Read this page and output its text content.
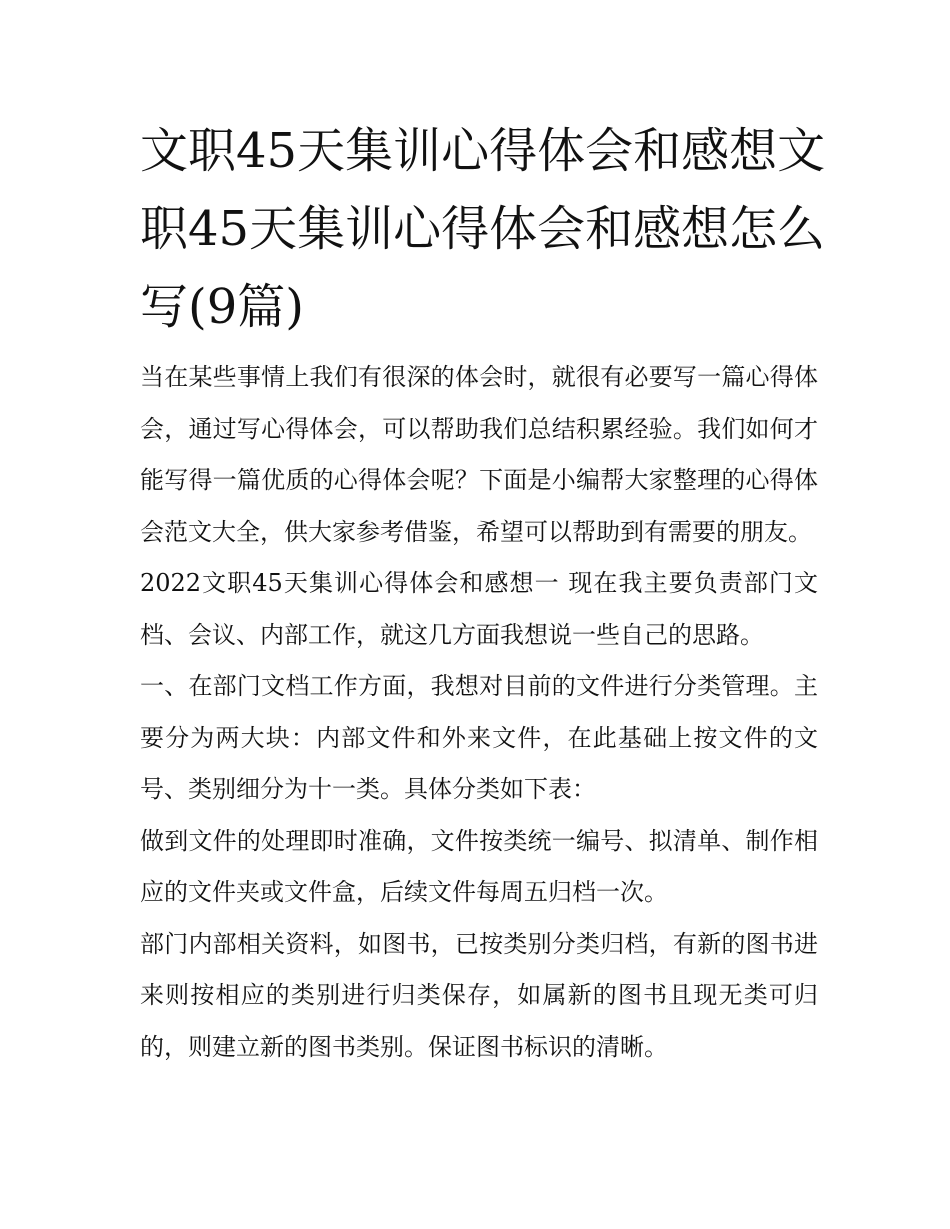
文职45天集训心得体会和感想文职45天集训心得体会和感想怎么写(9篇)

当在某些事情上我们有很深的体会时，就很有必要写一篇心得体会，通过写心得体会，可以帮助我们总结积累经验。我们如何才能写得一篇优质的心得体会呢？下面是小编帮大家整理的心得体会范文大全，供大家参考借鉴，希望可以帮助到有需要的朋友。

2022文职45天集训心得体会和感想一 现在我主要负责部门文档、会议、内部工作，就这几方面我想说一些自己的思路。

一、在部门文档工作方面，我想对目前的文件进行分类管理。主要分为两大块：内部文件和外来文件，在此基础上按文件的文号、类别细分为十一类。具体分类如下表：

做到文件的处理即时准确，文件按类统一编号、拟清单、制作相应的文件夹或文件盒，后续文件每周五归档一次。

部门内部相关资料，如图书，已按类别分类归档，有新的图书进来则按相应的类别进行归类保存，如属新的图书且现无类可归的，则建立新的图书类别。保证图书标识的清晰。
